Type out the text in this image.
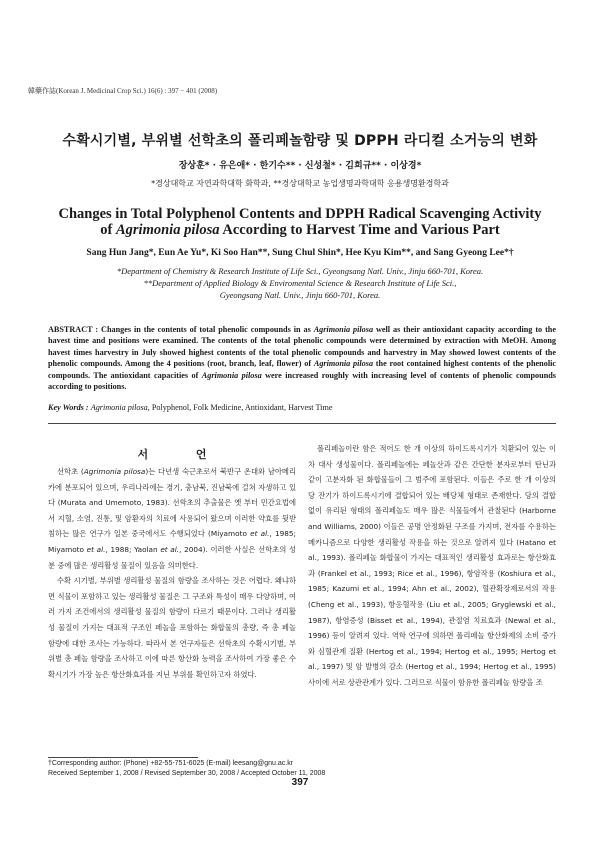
韓藥作誌(Korean J. Medicinal Crop Sci.) 16(6) : 397 − 401 (2008)
수확시기별, 부위별 선학초의 폴리페놀함량 및 DPPH 라디컬 소거능의 변화
장상훈* · 유은애* · 한기수** · 신성철* · 김희규** · 이상경*
*경상대학교 자연과학대학 화학과, **경상대학교 농업생명과학대학 응용생명환경학과
Changes in Total Polyphenol Contents and DPPH Radical Scavenging Activity
of Agrimonia pilosa According to Harvest Time and Various Part
Sang Hun Jang*, Eun Ae Yu*, Ki Soo Han**, Sung Chul Shin*, Hee Kyu Kim**, and Sang Gyeong Lee*†
*Department of Chemistry & Research Institute of Life Sci., Gyeongsang Natl. Univ., Jinju 660-701, Korea.
**Department of Applied Biology & Enviromental Science & Research Institute of Life Sci.,
Gyeongsang Natl. Univ., Jinju 660-701, Korea.
ABSTRACT : Changes in the contents of total phenolic compounds in as Agrimonia pilosa well as their antioxidant capacity according to the havest time and positions were examined. The contents of the total phenolic compounds were determined by extraction with MeOH. Among havest times harvestry in July showed highest contents of the total phenolic compounds and harvestry in May showed lowest contents of the phenolic compounds. Among the 4 positions (root, branch, leaf, flower) of Agrimonia pilosa the root contained highest contents of the phenolic compounds. The antioxidant capacities of Agrimonia pilosa were increased roughly with increasing level of contents of phenolic compounds according to positions.
Key Words : Agrimonia pilosa, Polyphenol, Folk Medicine, Antioxidant, Harvest Time
서 언

선학초 (Agrimonia pilosa)는 다년생 숙근초로서 북반구 온대와 남아메리카에 분포되어 있으며, 우리나라에는 경기, 충남북, 진남북에 걸쳐 자생하고 있다 (Murata and Umemoto, 1983). 선학초의 추출물은 옛 부터 민간요법에서 지혈, 소염, 진통, 및 암환자의 치료에 사용되어 왔으며 이러한 약효를 뒷받침하는 많은 연구가 일본 중국에서도 수행되었다 (Miyamoto et al., 1985; Miyamoto et al., 1988; Yaolan et al., 2004). 이러한 사실은 선학초의 성분 중에 많은 생리활성 물질이 있음을 의미한다.

수확 시기별, 부위별 생리활성 물질의 함량을 조사하는 것은 어렵다. 왜냐하면 식물이 포함하고 있는 생리활성 물질은 그 구조와 특성이 매우 다양하며, 여러 가지 조건에서의 생리활성 물질의 함량이 다르기 때문이다. 그러나 생리활성 물질이 가지는 대표적 구조인 페놀을 포함하는 화합물의 총량, 즉 총 페놀 함량에 대한 조사는 가능하다. 따라서 본 연구자들은 선학초의 수확시기별, 부위별 총 페놀 함량을 조사하고 이에 따른 항산화 능력을 조사하여 가장 좋은 수확시기가 가장 높은 항산화효과를 지닌 부위를 확인하고자 하였다.

폴리페놀이란 함은 적어도 한 개 이상의 하이드록시기가 치환되어 있는 이차 대사 생성물이다. 폴리페놀에는 페놀산과 같은 간단한 분자로부터 탄닌과 같이 고분자화 된 화합물들이 그 범주에 포함된다. 이들은 주로 한 개 이상의 당 잔기가 하이드록시기에 결합되어 있는 배당체 형태로 존재한다. 당의 결합 없이 유리된 형태의 폴리페놀도 매우 많은 식물들에서 관찰된다 (Harborne and Williams, 2000) 이들은 공명 안정화된 구조를 가지며, 전자를 수용하는 메카니즘으로 다양한 생리활성 작용을 하는 것으로 알려져 있다 (Hatano et al., 1993). 폴리페놀 화합물이 가지는 대표적인 생리활성 효과로는 항산화효과 (Frankel et al., 1993; Rice et al., 1996), 항암작용 (Koshiura et al., 1985; Kazumi et al., 1994; Ahn et al., 2002), 혈관확장제로서의 작용 (Cheng et al., 1993), 항응혈작용 (Liu et al., 2005; Gryglewski et al., 1987), 항염증성 (Bisset et al., 1994), 관절염 치료효과 (Newal et al., 1996) 등이 알려져 있다. 역학 연구에 의하면 폴리페놀 항산화제의 소비 증가와 심혈관계 질환 (Hertog et al., 1994; Hertog et al., 1995; Hertog et al., 1997) 및 암 발병의 감소 (Hertog et al., 1994; Hertog et al., 1995) 사이에 서로 상관관계가 있다. 그러므로 식물이 함유한 폴리페놀 함량을 조

†Corresponding author: (Phone) +82-55-751-6025 (E-mail) leesang@gnu.ac.kr
Received September 1, 2008 / Revised September 30, 2008 / Accepted October 11, 2008
397
